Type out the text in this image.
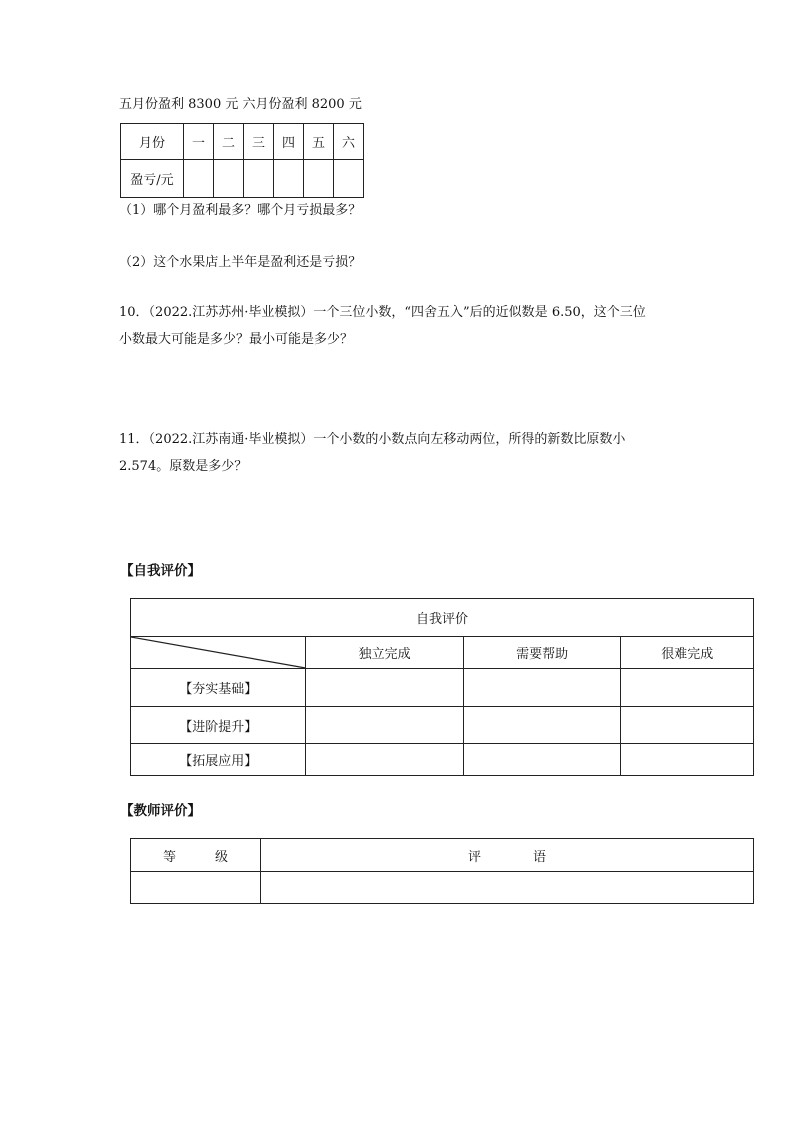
五月份盈利 8300 元 六月份盈利 8200 元
月份	一	二	三	四	五	六
盈亏/元						
（1）哪个月盈利最多？哪个月亏损最多？
（2）这个水果店上半年是盈利还是亏损？
10．（2022.江苏苏州·毕业模拟）一个三位小数，“四舍五入”后的近似数是 6.50，这个三位
小数最大可能是多少？最小可能是多少？
11．（2022.江苏南通·毕业模拟）一个小数的小数点向左移动两位，所得的新数比原数小
2.574。原数是多少？
【自我评价】
自我评价			

	独立完成	需要帮助	很难完成
【夯实基础】			
【进阶提升】			
【拓展应用】			
【教师评价】
等　　　级	评　　　　语
